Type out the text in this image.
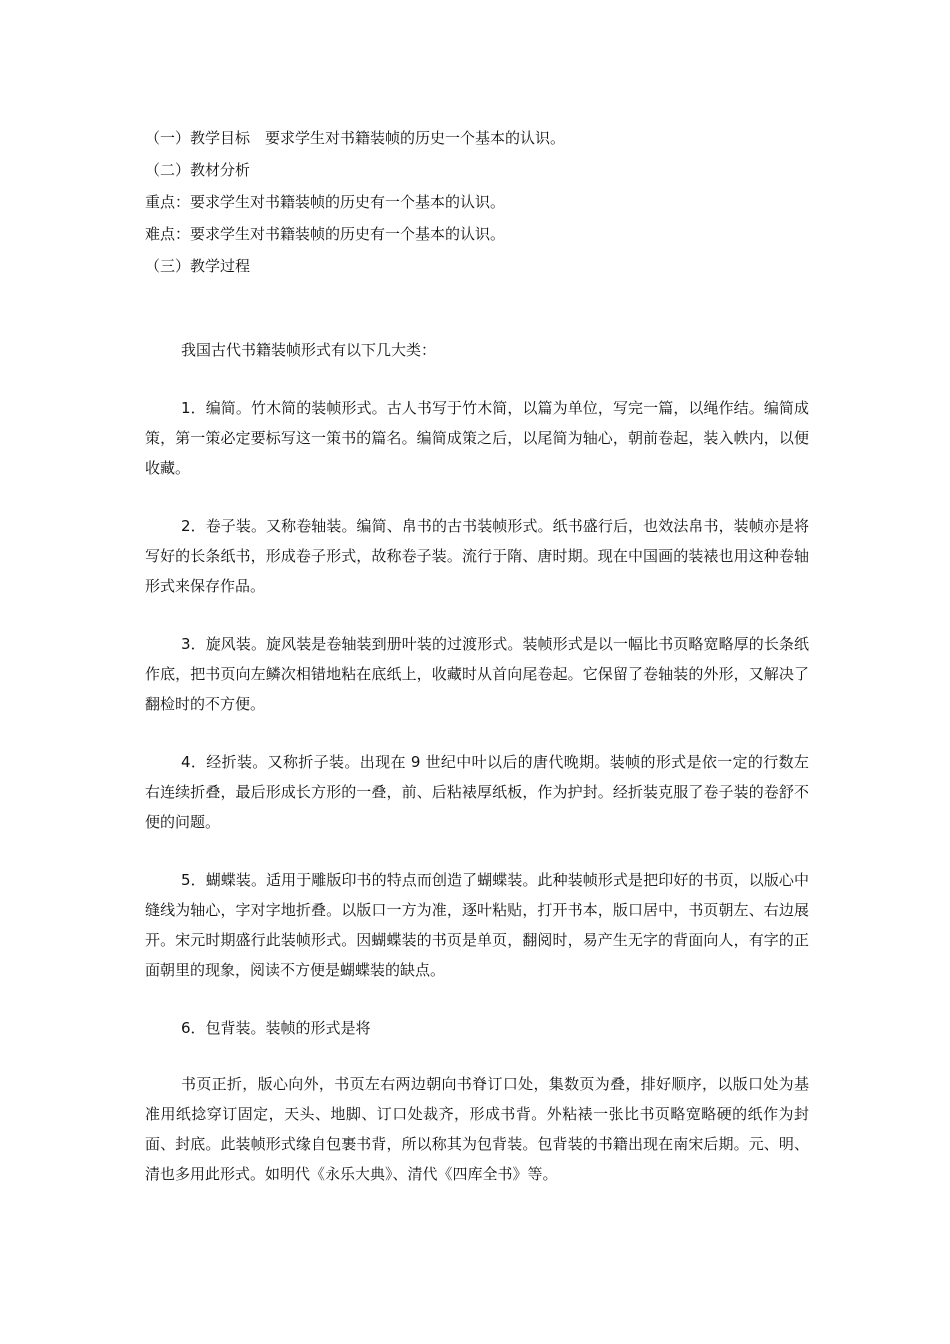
（一）教学目标　要求学生对书籍装帧的历史一个基本的认识。
（二）教材分析
重点：要求学生对书籍装帧的历史有一个基本的认识。
难点：要求学生对书籍装帧的历史有一个基本的认识。
（三）教学过程

我国古代书籍装帧形式有以下几大类：

1．编简。竹木简的装帧形式。古人书写于竹木简，以篇为单位，写完一篇，以绳作结。编简成策，第一策必定要标写这一策书的篇名。编简成策之后，以尾简为轴心，朝前卷起，装入帙内，以便收藏。

2．卷子装。又称卷轴装。编简、帛书的古书装帧形式。纸书盛行后，也效法帛书，装帧亦是将写好的长条纸书，形成卷子形式，故称卷子装。流行于隋、唐时期。现在中国画的装裱也用这种卷轴形式来保存作品。

3．旋风装。旋风装是卷轴装到册叶装的过渡形式。装帧形式是以一幅比书页略宽略厚的长条纸作底，把书页向左鳞次相错地粘在底纸上，收藏时从首向尾卷起。它保留了卷轴装的外形，又解决了翻检时的不方便。

4．经折装。又称折子装。出现在 9 世纪中叶以后的唐代晚期。装帧的形式是依一定的行数左右连续折叠，最后形成长方形的一叠，前、后粘裱厚纸板，作为护封。经折装克服了卷子装的卷舒不便的问题。

5．蝴蝶装。适用于雕版印书的特点而创造了蝴蝶装。此种装帧形式是把印好的书页，以版心中缝线为轴心，字对字地折叠。以版口一方为准，逐叶粘贴，打开书本，版口居中，书页朝左、右边展开。宋元时期盛行此装帧形式。因蝴蝶装的书页是单页，翻阅时，易产生无字的背面向人，有字的正面朝里的现象，阅读不方便是蝴蝶装的缺点。

6．包背装。装帧的形式是将

书页正折，版心向外，书页左右两边朝向书脊订口处，集数页为叠，排好顺序，以版口处为基准用纸捻穿订固定，天头、地脚、订口处裁齐，形成书背。外粘裱一张比书页略宽略硬的纸作为封面、封底。此装帧形式缘自包裹书背，所以称其为包背装。包背装的书籍出现在南宋后期。元、明、清也多用此形式。如明代《永乐大典》、清代《四库全书》等。
